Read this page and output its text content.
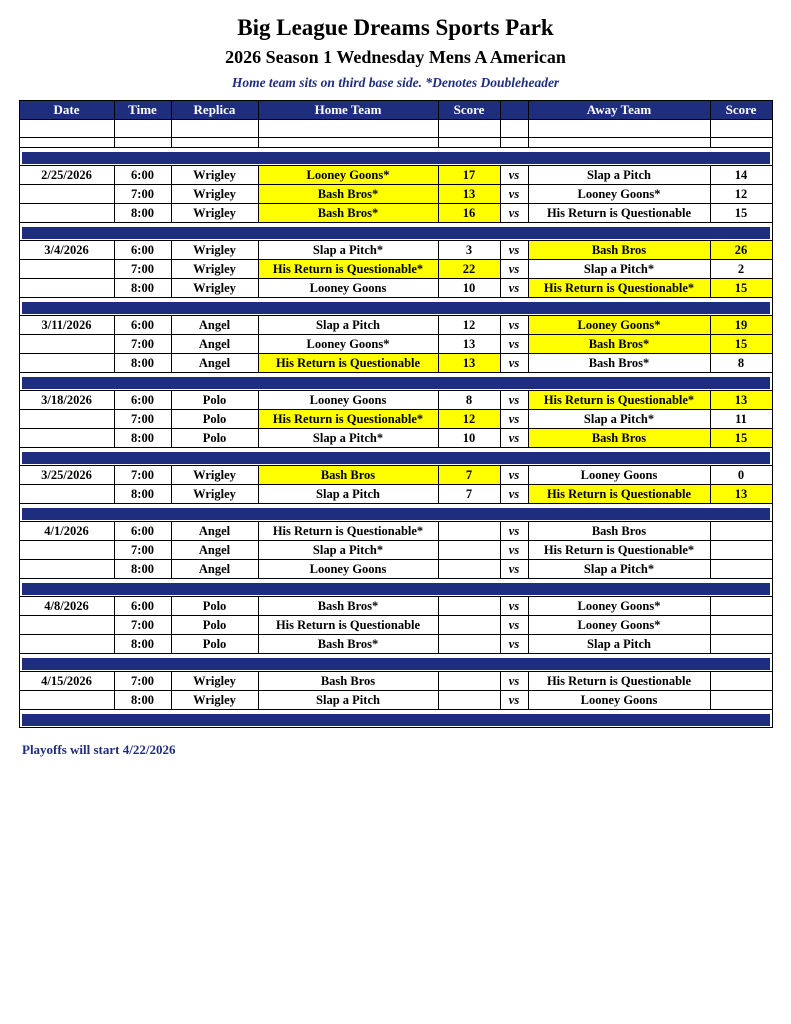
Big League Dreams Sports Park
2026 Season 1 Wednesday Mens A American
Home team sits on third base side. *Denotes Doubleheader
Date	Time	Replica	Home Team	Score		Away Team	Score

2/25/2026	6:00	Wrigley	Looney Goons*	17	vs	Slap a Pitch	14
	7:00	Wrigley	Bash Bros*	13	vs	Looney Goons*	12
	8:00	Wrigley	Bash Bros*	16	vs	His Return is Questionable	15

3/4/2026	6:00	Wrigley	Slap a Pitch*	3	vs	Bash Bros	26
	7:00	Wrigley	His Return is Questionable*	22	vs	Slap a Pitch*	2
	8:00	Wrigley	Looney Goons	10	vs	His Return is Questionable*	15

3/11/2026	6:00	Angel	Slap a Pitch	12	vs	Looney Goons*	19
	7:00	Angel	Looney Goons*	13	vs	Bash Bros*	15
	8:00	Angel	His Return is Questionable	13	vs	Bash Bros*	8

3/18/2026	6:00	Polo	Looney Goons	8	vs	His Return is Questionable*	13
	7:00	Polo	His Return is Questionable*	12	vs	Slap a Pitch*	11
	8:00	Polo	Slap a Pitch*	10	vs	Bash Bros	15

3/25/2026	7:00	Wrigley	Bash Bros	7	vs	Looney Goons	0
	8:00	Wrigley	Slap a Pitch	7	vs	His Return is Questionable	13

4/1/2026	6:00	Angel	His Return is Questionable*		vs	Bash Bros	
	7:00	Angel	Slap a Pitch*		vs	His Return is Questionable*	
	8:00	Angel	Looney Goons		vs	Slap a Pitch*	

4/8/2026	6:00	Polo	Bash Bros*		vs	Looney Goons*	
	7:00	Polo	His Return is Questionable		vs	Looney Goons*	
	8:00	Polo	Bash Bros*		vs	Slap a Pitch	

4/15/2026	7:00	Wrigley	Bash Bros		vs	His Return is Questionable	
	8:00	Wrigley	Slap a Pitch		vs	Looney Goons	

Playoffs will start 4/22/2026
